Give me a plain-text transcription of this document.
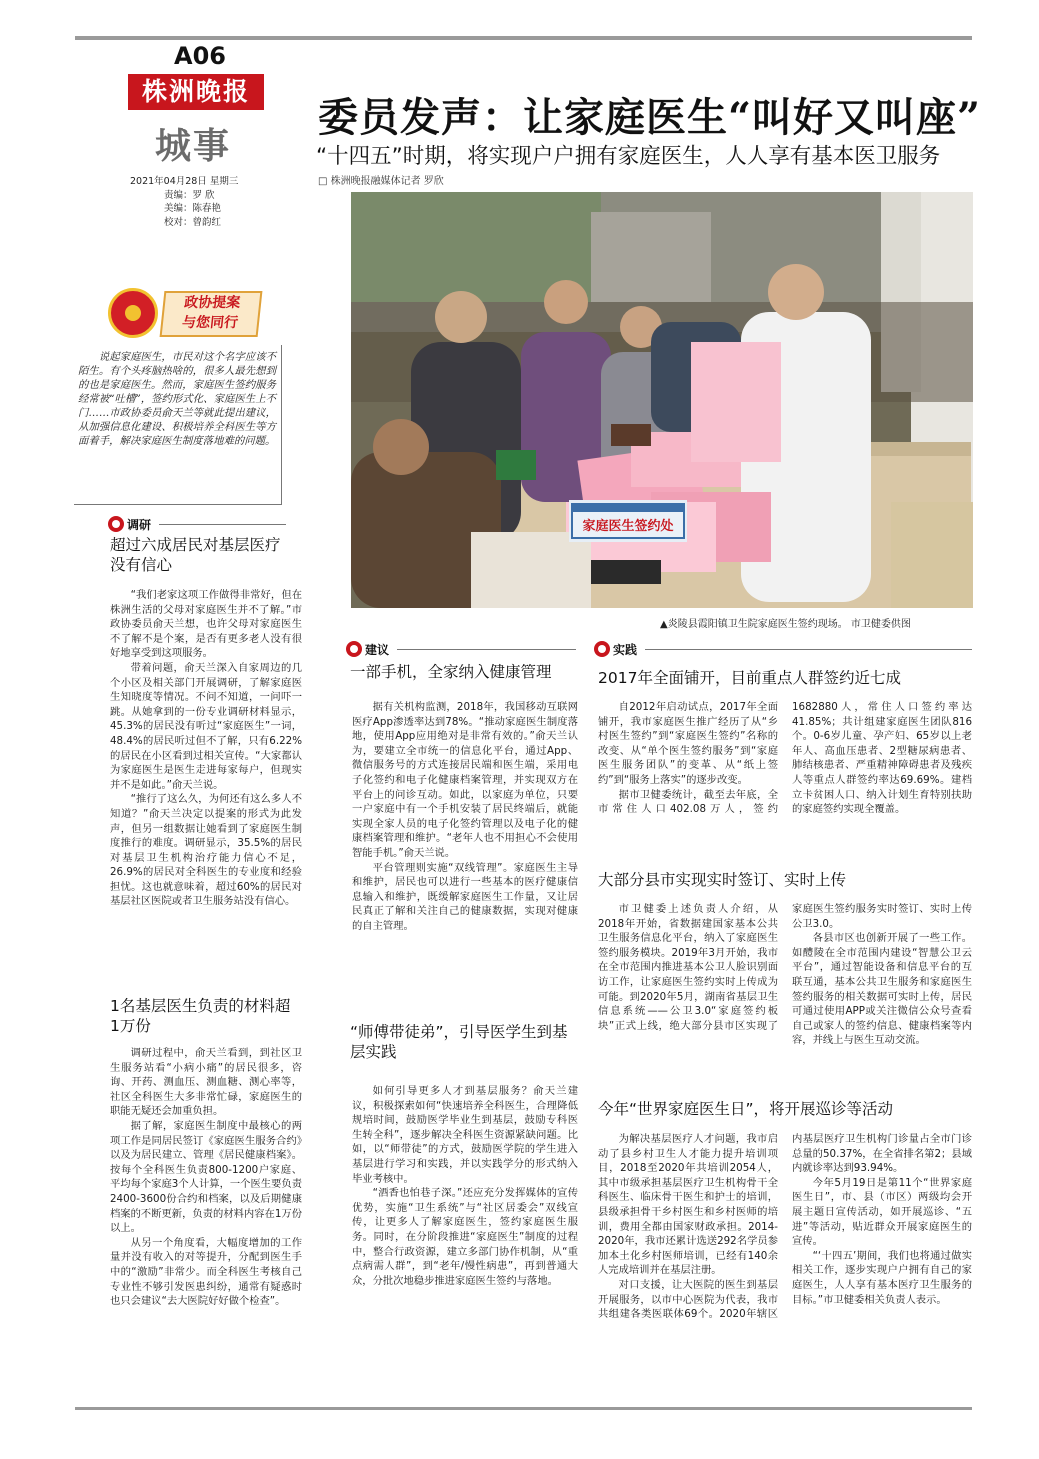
A06
株洲晚报
城事
2021年04月28日 星期三
责编：罗 欣
美编：陈春艳
校对：曾韵红
政协提案
与您同行
说起家庭医生，市民对这个名字应该不陌生。有个头疼脑热啥的，很多人最先想到的也是家庭医生。然而，家庭医生签约服务经常被“吐槽”，签约形式化、家庭医生上不门……市政协委员俞天兰等就此提出建议，从加强信息化建设、积极培养全科医生等方面着手，解决家庭医生制度落地难的问题。
委员发声：让家庭医生“叫好又叫座”
“十四五”时期，将实现户户拥有家庭医生，人人享有基本医卫服务
□ 株洲晚报融媒体记者 罗欣
家庭医生签约处
▲炎陵县霞阳镇卫生院家庭医生签约现场。 市卫健委供图
调研
超过六成居民对基层医疗没有信心

“我们老家这项工作做得非常好，但在株洲生活的父母对家庭医生并不了解。”市政协委员俞天兰想，也许父母对家庭医生不了解不是个案，是否有更多老人没有很好地享受到这项服务。

带着问题，俞天兰深入自家周边的几个小区及相关部门开展调研，了解家庭医生知晓度等情况。不问不知道，一问吓一跳。从她拿到的一份专业调研材料显示，45.3%的居民没有听过“家庭医生”一词，48.4%的居民听过但不了解，只有6.22%的居民在小区看到过相关宣传。“大家都认为家庭医生是医生走进每家每户，但现实并不是如此。”俞天兰说。

“推行了这么久，为何还有这么多人不知道？”俞天兰决定以提案的形式为此发声，但另一组数据让她看到了家庭医生制度推行的难度。调研显示，35.5%的居民对基层卫生机构治疗能力信心不足，26.9%的居民对全科医生的专业度和经验担忧。这也就意味着，超过60%的居民对基层社区医院或者卫生服务站没有信心。

1名基层医生负责的材料超1万份

调研过程中，俞天兰看到，到社区卫生服务站看“小病小痛”的居民很多，咨询、开药、测血压、测血糖、测心率等，社区全科医生大多非常忙碌，家庭医生的职能无疑还会加重负担。

据了解，家庭医生制度中最核心的两项工作是同居民签订《家庭医生服务合约》以及为居民建立、管理《居民健康档案》。按每个全科医生负责800-1200户家庭、平均每个家庭3个人计算，一个医生要负责2400-3600份合约和档案，以及后期健康档案的不断更新，负责的材料内容在1万份以上。

从另一个角度看，大幅度增加的工作量并没有收入的对等提升，分配到医生手中的“激励”非常少。而全科医生考核自己专业性不够引发医患纠纷，通常有疑惑时也只会建议“去大医院好好做个检查”。

建议
一部手机，全家纳入健康管理

据有关机构监测，2018年，我国移动互联网医疗App渗透率达到78%。“推动家庭医生制度落地，使用App应用绝对是非常有效的。”俞天兰认为，要建立全市统一的信息化平台，通过App、微信服务号的方式连接居民端和医生端，采用电子化签约和电子化健康档案管理，并实现双方在平台上的问诊互动。如此，以家庭为单位，只要一户家庭中有一个手机安装了居民终端后，就能实现全家人员的电子化签约管理以及电子化的健康档案管理和维护。“老年人也不用担心不会使用智能手机。”俞天兰说。

平台管理则实施“双线管理”。家庭医生主导和维护，居民也可以进行一些基本的医疗健康信息输入和维护，既缓解家庭医生工作量，又让居民真正了解和关注自己的健康数据，实现对健康的自主管理。

“师傅带徒弟”，引导医学生到基层实践

如何引导更多人才到基层服务？俞天兰建议，积极探索如何“快速培养全科医生，合理降低规培时间，鼓励医学毕业生到基层，鼓励专科医生转全科”，逐步解决全科医生资源紧缺问题。比如，以“师带徒”的方式，鼓励医学院的学生进入基层进行学习和实践，并以实践学分的形式纳入毕业考核中。

“酒香也怕巷子深。”还应充分发挥媒体的宣传优势，实施“卫生系统”与“社区居委会”双线宣传，让更多人了解家庭医生，签约家庭医生服务。同时，在分阶段推进“家庭医生”制度的过程中，整合行政资源，建立多部门协作机制，从“重点病需人群”，到“老年/慢性病患”，再到普通大众，分批次地稳步推进家庭医生签约与落地。

实践
2017年全面铺开，目前重点人群签约近七成

自2012年启动试点，2017年全面铺开，我市家庭医生推广经历了从“乡村医生签约”到“家庭医生签约”名称的改变、从“单个医生签约服务”到“家庭医生服务团队”的变革、从“纸上签约”到“服务上落实”的逐步改变。

据市卫健委统计，截至去年底，全市常住人口402.08万人，签约1682880人，常住人口签约率达41.85%；共计组建家庭医生团队816个。0-6岁儿童、孕产妇、65岁以上老年人、高血压患者、2型糖尿病患者、肺结核患者、严重精神障碍患者及残疾人等重点人群签约率达69.69%。建档立卡贫困人口、纳入计划生育特别扶助的家庭签约实现全覆盖。

大部分县市实现实时签订、实时上传

市卫健委上述负责人介绍，从2018年开始，省数据建国家基本公共卫生服务信息化平台，纳入了家庭医生签约服务模块。2019年3月开始，我市在全市范围内推进基本公卫人脸识别面访工作，让家庭医生签约实时上传成为可能。到2020年5月，湖南省基层卫生信息系统——公卫3.0“家庭签约板块”正式上线，绝大部分县市区实现了家庭医生签约服务实时签订、实时上传公卫3.0。

各县市区也创新开展了一些工作。如醴陵在全市范围内建设“智慧公卫云平台”，通过智能设备和信息平台的互联互通，基本公共卫生服务和家庭医生签约服务的相关数据可实时上传，居民可通过使用APP或关注微信公众号查看自己或家人的签约信息、健康档案等内容，并线上与医生互动交流。

今年“世界家庭医生日”，将开展巡诊等活动

为解决基层医疗人才问题，我市启动了县乡村卫生人才能力提升培训项目，2018至2020年共培训2054人，其中市级承担基层医疗卫生机构骨干全科医生、临床骨干医生和护士的培训，县级承担骨干乡村医生和乡村医师的培训，费用全都由国家财政承担。2014-2020年，我市还累计选送292名学员参加本土化乡村医师培训，已经有140余人完成培训并在基层注册。

对口支援，让大医院的医生到基层开展服务，以市中心医院为代表，我市共组建各类医联体69个。2020年辖区内基层医疗卫生机构门诊量占全市门诊总量的50.37%，在全省排名第2；县域内就诊率达到93.94%。

今年5月19日是第11个“世界家庭医生日”，市、县（市区）两级均会开展主题日宣传活动，如开展巡诊、“五进”等活动，贴近群众开展家庭医生的宣传。

“‘十四五’期间，我们也将通过做实相关工作，逐步实现户户拥有自己的家庭医生，人人享有基本医疗卫生服务的目标。”市卫健委相关负责人表示。
